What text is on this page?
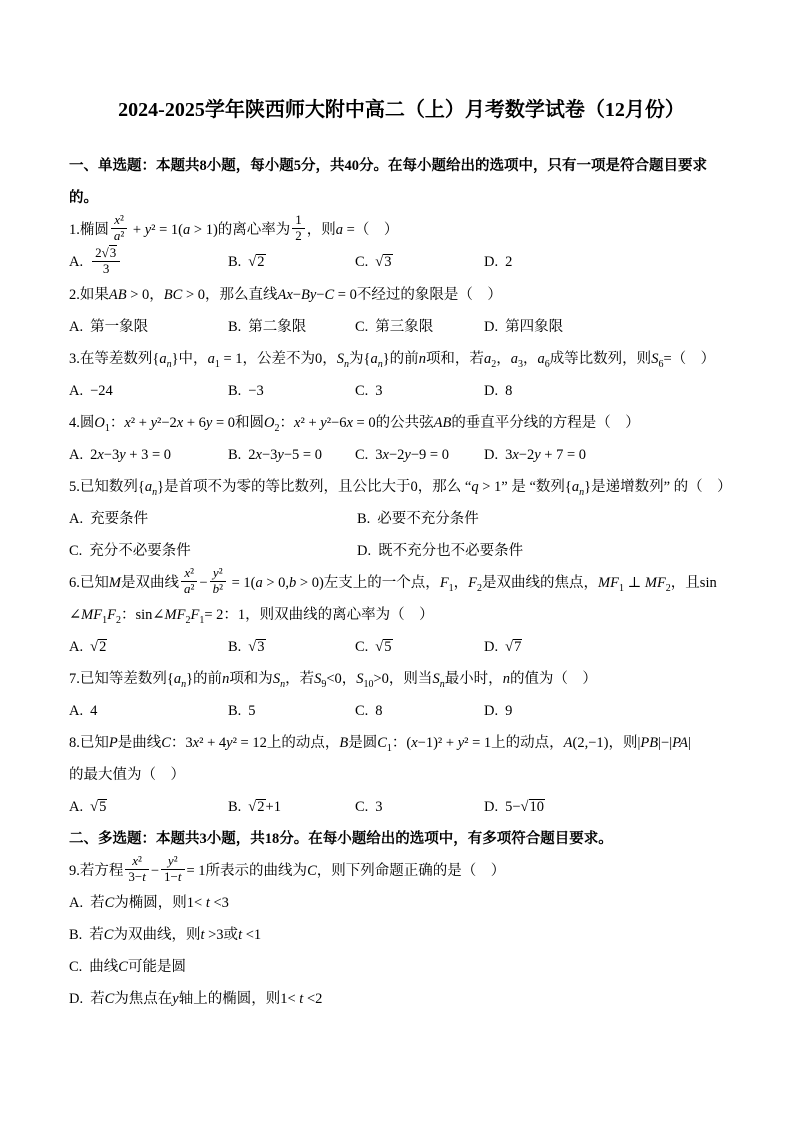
2024-2025学年陕西师大附中高二（上）月考数学试卷（12月份）
一、单选题：本题共8小题，每小题5分，共40分。在每小题给出的选项中，只有一项是符合题目要求
的。
1.椭圆 $\frac{\text{x²}}{\text{a²}} + y^2 = 1(a > 1)$的离心率为 $\frac{1}{2}$ ，则a =（　）
A. $\frac{2√3}{3}$	B. √2	C. √3	D. 2
2.如果AB > 0，BC > 0，那么直线Ax−By−C = 0不经过的象限是（　）
A. 第一象限	B. 第二象限	C. 第三象限	D. 第四象限
3.在等差数列$\{a_n\}$中，$a_1 = 1$，公差不为0，$S_n$为$\{a_n\}$的前n项和，若$a_2$，$a_3$，$a_6$成等比数列，则$S_6=$（　）
A. −24	B. −3	C. 3	D. 8
4.圆$O_1$：x² + y²−2x + 6y = 0和圆$O_2$：x² + y²−6x = 0的公共弦AB的垂直平分线的方程是（　）
A. 2x−3y + 3 = 0	B. 2x−3y−5 = 0	C. 3x−2y−9 = 0	D. 3x−2y + 7 = 0
5.已知数列$\{a_n\}$是首项不为零的等比数列，且公比大于0，那么 “q > 1” 是 “数列$\{a_n\}$是递增数列” 的（　）
A. 充要条件	B. 必要不充分条件
C. 充分不必要条件	D. 既不充分也不必要条件
6.已知M是双曲线 $\frac{\text{x²}}{\text{a²}} - \frac{\text{y²}}{\text{b²}} = 1(a > 0,b > 0)$左支上的一个点，$F_1$，$F_2$是双曲线的焦点，$MF_1$ ⊥ $MF_2$，且sin
$\angle MF_1F_2$：$\sin\angle MF_2F_1= 2$：1，则双曲线的离心率为（　）
A. √2	B. √3	C. √5	D. √7
7.已知等差数列$\{a_n\}$的前n项和为$S_n$，若$S_9<0$，$S_{10}>0$，则当$S_n$最小时，n的值为（　）
A. 4	B. 5	C. 8	D. 9
8.已知P是曲线C：3x² + 4y² = 12上的动点，B是圆$C_1$：(x−1)² + y² = 1上的动点，A(2,−1)，则|PB|−|PA|
的最大值为（　）
A. √5	B. √2+1	C. 3	D. 5−√10
二、多选题：本题共3小题，共18分。在每小题给出的选项中，有多项符合题目要求。
9.若方程 $\frac{\text{x²}}{3-t} - \frac{\text{y²}}{1-t} = 1$所表示的曲线为C，则下列命题正确的是（　）
A. 若C为椭圆，则1< t <3
B. 若C为双曲线，则t >3或t <1
C. 曲线C可能是圆
D. 若C为焦点在y轴上的椭圆，则1< t <2
